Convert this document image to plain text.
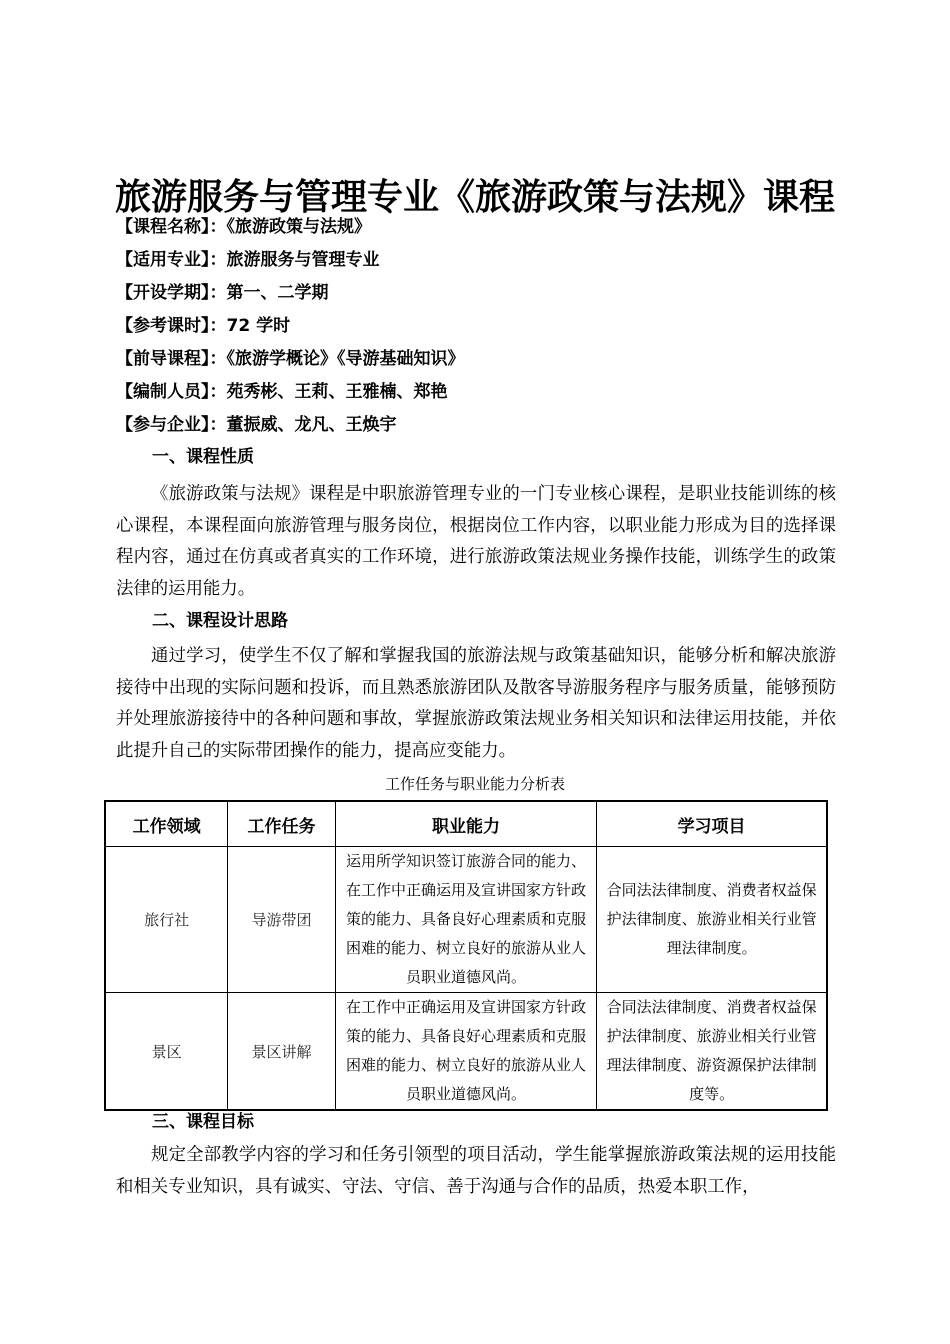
旅游服务与管理专业《旅游政策与法规》课程
【课程名称】：《旅游政策与法规》
【适用专业】：旅游服务与管理专业
【开设学期】：第一、二学期
【参考课时】：72 学时
【前导课程】：《旅游学概论》《导游基础知识》
【编制人员】：苑秀彬、王莉、王雅楠、郑艳
【参与企业】：董振威、龙凡、王焕宇
一、课程性质
《旅游政策与法规》课程是中职旅游管理专业的一门专业核心课程，是职业技能训练的核心课程，本课程面向旅游管理与服务岗位，根据岗位工作内容，以职业能力形成为目的选择课程内容，通过在仿真或者真实的工作环境，进行旅游政策法规业务操作技能，训练学生的政策法律的运用能力。
二、课程设计思路
通过学习，使学生不仅了解和掌握我国的旅游法规与政策基础知识，能够分析和解决旅游接待中出现的实际问题和投诉，而且熟悉旅游团队及散客导游服务程序与服务质量，能够预防并处理旅游接待中的各种问题和事故，掌握旅游政策法规业务相关知识和法律运用技能，并依此提升自己的实际带团操作的能力，提高应变能力。
工作任务与职业能力分析表
工作领域	工作任务	职业能力	学习项目
旅行社	导游带团	运用所学知识签订旅游合同的能力、在工作中正确运用及宣讲国家方针政策的能力、具备良好心理素质和克服困难的能力、树立良好的旅游从业人员职业道德风尚。	合同法法律制度、消费者权益保护法律制度、旅游业相关行业管理法律制度。
景区	景区讲解	在工作中正确运用及宣讲国家方针政策的能力、具备良好心理素质和克服困难的能力、树立良好的旅游从业人员职业道德风尚。	合同法法律制度、消费者权益保护法律制度、旅游业相关行业管理法律制度、游资源保护法律制度等。
三、课程目标
规定全部教学内容的学习和任务引领型的项目活动，学生能掌握旅游政策法规的运用技能和相关专业知识，具有诚实、守法、守信、善于沟通与合作的品质，热爱本职工作，
